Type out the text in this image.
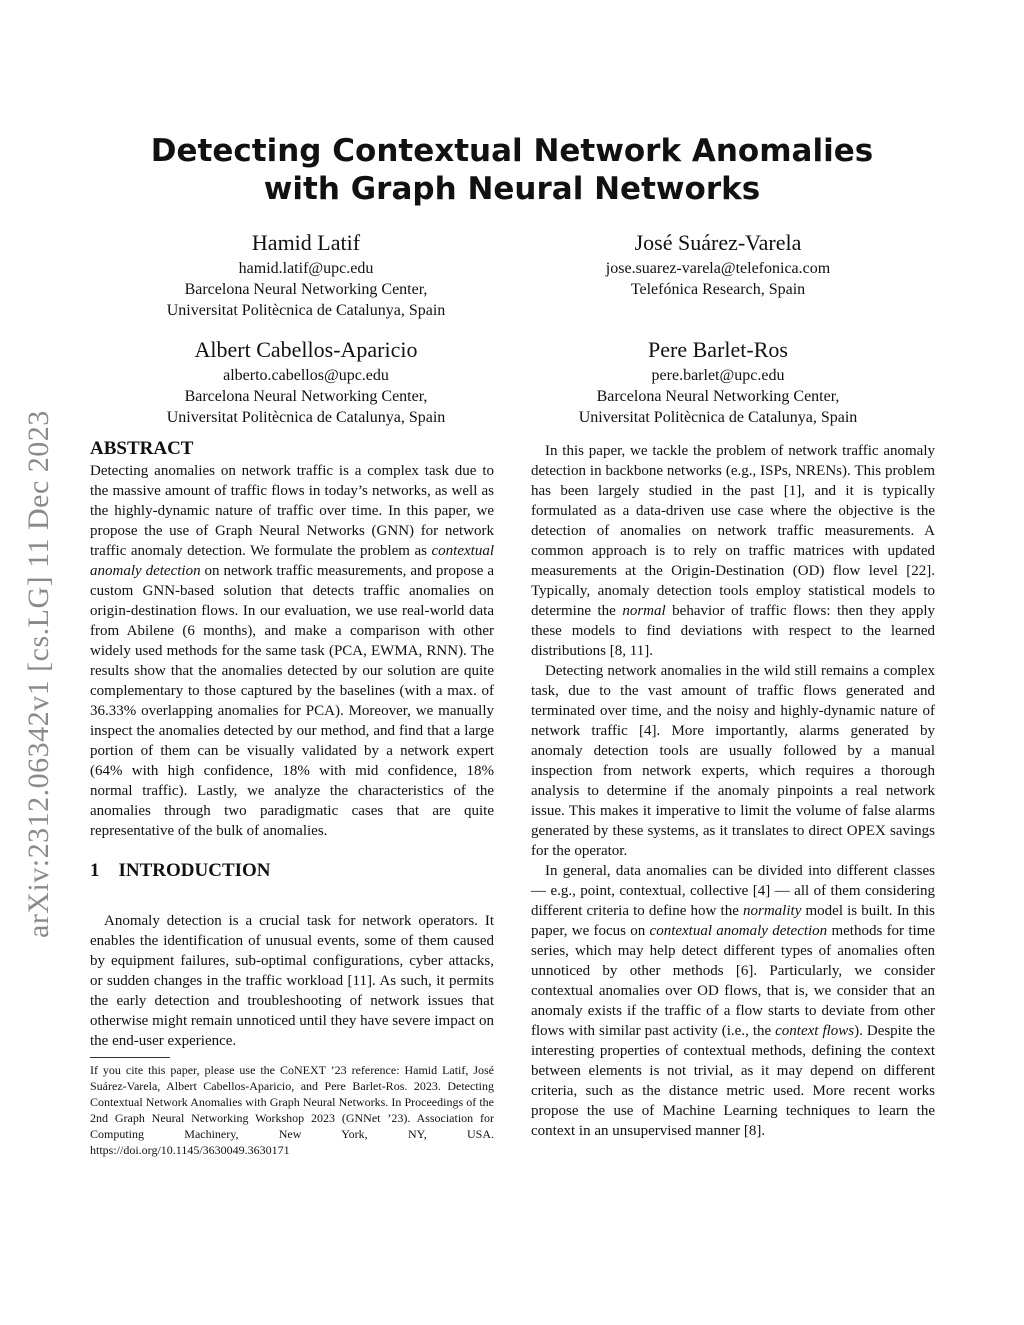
arXiv:2312.06342v1 [cs.LG] 11 Dec 2023
Detecting Contextual Network Anomalies
with Graph Neural Networks
Hamid Latif
hamid.latif@upc.edu
Barcelona Neural Networking Center,
Universitat Politècnica de Catalunya, Spain
José Suárez-Varela
jose.suarez-varela@telefonica.com
Telefónica Research, Spain
Albert Cabellos-Aparicio
alberto.cabellos@upc.edu
Barcelona Neural Networking Center,
Universitat Politècnica de Catalunya, Spain
Pere Barlet-Ros
pere.barlet@upc.edu
Barcelona Neural Networking Center,
Universitat Politècnica de Catalunya, Spain
ABSTRACT

Detecting anomalies on network traffic is a complex task due to the massive amount of traffic flows in today’s networks, as well as the highly-dynamic nature of traffic over time. In this paper, we propose the use of Graph Neural Networks (GNN) for network traffic anomaly detection. We formulate the problem as contextual anomaly detection on network traffic measurements, and propose a custom GNN-based solution that detects traffic anomalies on origin-destination flows. In our evaluation, we use real-world data from Abilene (6 months), and make a comparison with other widely used methods for the same task (PCA, EWMA, RNN). The results show that the anomalies detected by our solution are quite complementary to those captured by the baselines (with a max. of 36.33% overlapping anomalies for PCA). Moreover, we manually inspect the anomalies detected by our method, and find that a large portion of them can be visually validated by a network expert (64% with high confidence, 18% with mid confidence, 18% normal traffic). Lastly, we analyze the characteristics of the anomalies through two paradigmatic cases that are quite representative of the bulk of anomalies.

1 INTRODUCTION

Anomaly detection is a crucial task for network operators. It enables the identification of unusual events, some of them caused by equipment failures, sub-optimal configurations, cyber attacks, or sudden changes in the traffic workload [11]. As such, it permits the early detection and troubleshooting of network issues that otherwise might remain unnoticed until they have severe impact on the end-user experience.

If you cite this paper, please use the CoNEXT ’23 reference: Hamid Latif, José Suárez-Varela, Albert Cabellos-Aparicio, and Pere Barlet-Ros. 2023. Detecting Contextual Network Anomalies with Graph Neural Networks. In Proceedings of the 2nd Graph Neural Networking Workshop 2023 (GNNet ’23). Association for Computing Machinery, New York, NY, USA. https://doi.org/10.1145/3630049.3630171

In this paper, we tackle the problem of network traffic anomaly detection in backbone networks (e.g., ISPs, NRENs). This problem has been largely studied in the past [1], and it is typically formulated as a data-driven use case where the objective is the detection of anomalies on network traffic measurements. A common approach is to rely on traffic matrices with updated measurements at the Origin-Destination (OD) flow level [22]. Typically, anomaly detection tools employ statistical models to determine the normal behavior of traffic flows: then they apply these models to find deviations with respect to the learned distributions [8, 11].

Detecting network anomalies in the wild still remains a complex task, due to the vast amount of traffic flows generated and terminated over time, and the noisy and highly-dynamic nature of network traffic [4]. More importantly, alarms generated by anomaly detection tools are usually followed by a manual inspection from network experts, which requires a thorough analysis to determine if the anomaly pinpoints a real network issue. This makes it imperative to limit the volume of false alarms generated by these systems, as it translates to direct OPEX savings for the operator.

In general, data anomalies can be divided into different classes — e.g., point, contextual, collective [4] — all of them considering different criteria to define how the normality model is built. In this paper, we focus on contextual anomaly detection methods for time series, which may help detect different types of anomalies often unnoticed by other methods [6]. Particularly, we consider contextual anomalies over OD flows, that is, we consider that an anomaly exists if the traffic of a flow starts to deviate from other flows with similar past activity (i.e., the context flows). Despite the interesting properties of contextual methods, defining the context between elements is not trivial, as it may depend on different criteria, such as the distance metric used. More recent works propose the use of Machine Learning techniques to learn the context in an unsupervised manner [8].
